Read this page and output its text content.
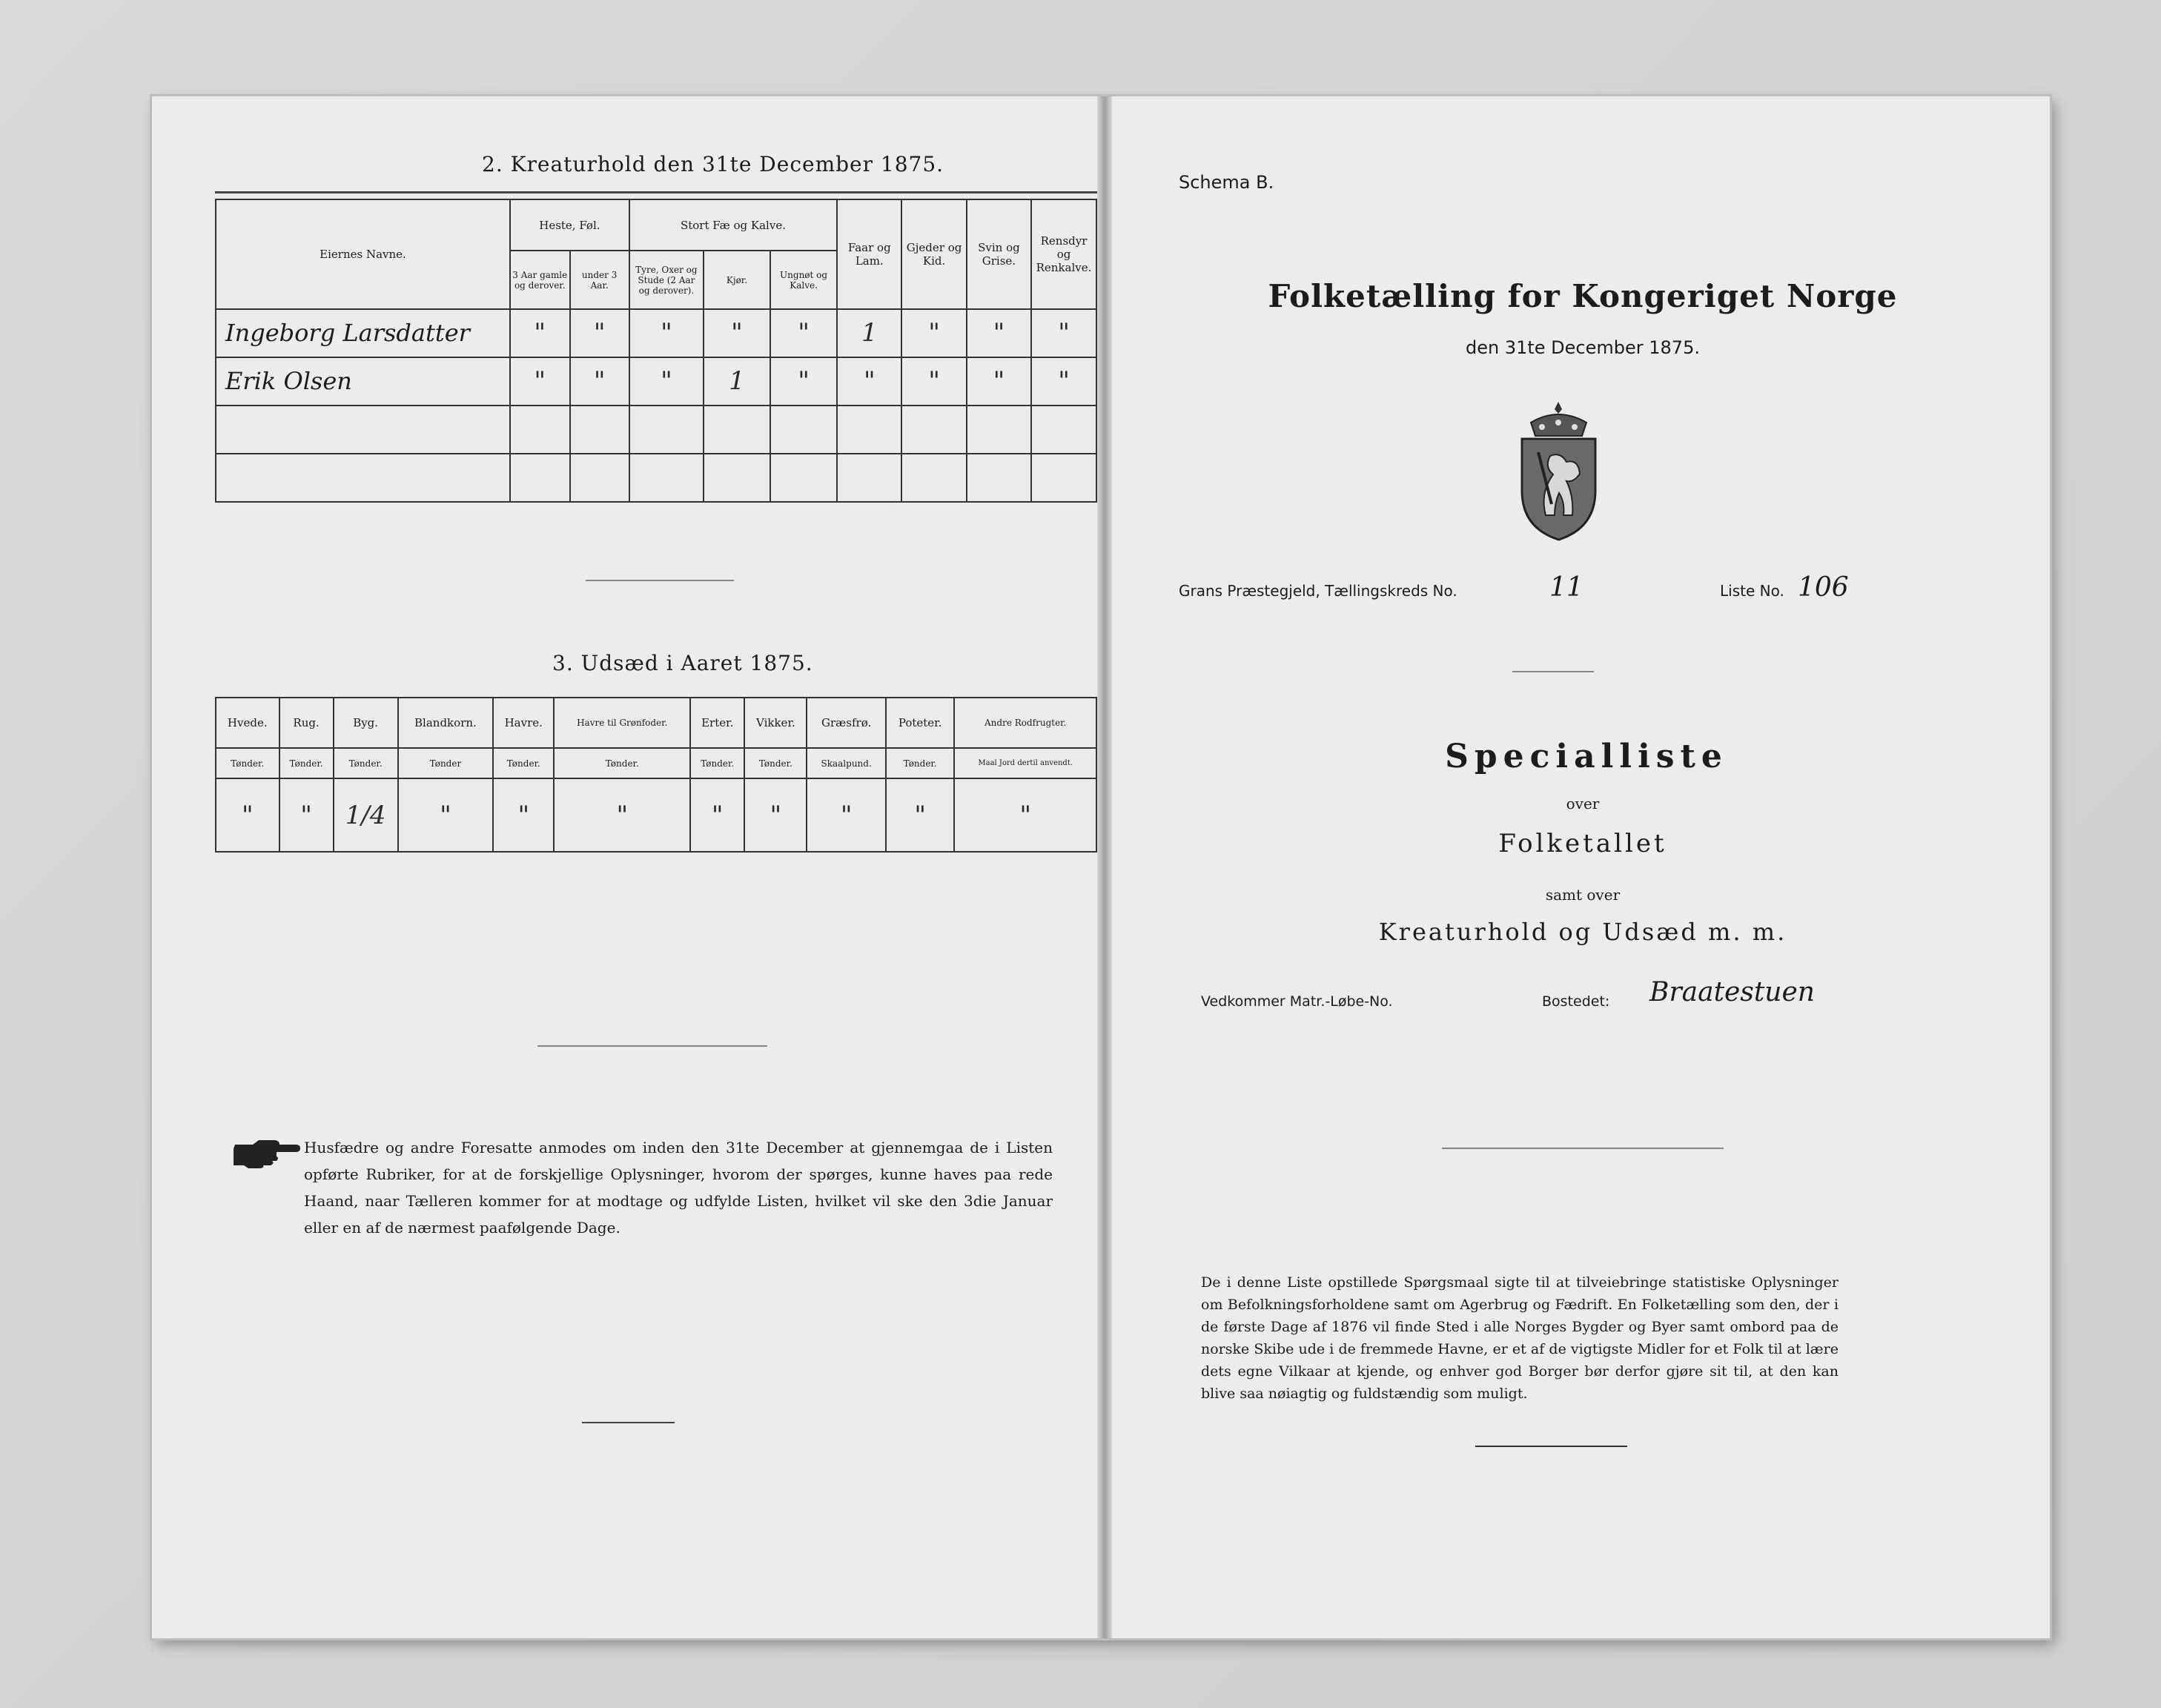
2. Kreaturhold den 31te December 1875.
Eiernes Navne.	Heste, Føl.		Stort Fæ og Kalve.			Faar og Lam.	Gjeder og Kid.	Svin og Grise.	Rensdyr og Renkalve.
	3 Aar gamle og derover.	under 3 Aar.	Tyre, Oxer og Stude (2 Aar og derover).	Kjør.	Ungnøt og Kalve.				
Ingeborg Larsdatter	"	"	"	"	"	1	"	"	"
Erik Olsen	"	"	"	1	"	"	"	"	"

3. Udsæd i Aaret 1875.
Hvede.	Rug.	Byg.	Blandkorn.	Havre.	Havre til Grønfoder.	Erter.	Vikker.	Græsfrø.	Poteter.	Andre Rodfrugter.
Tønder.	Tønder.	Tønder.	Tønder	Tønder.	Tønder.	Tønder.	Tønder.	Skaalpund.	Tønder.	Maal Jord dertil anvendt.
"	"	1/4	"	"	"	"	"	"	"	"
Husfædre og andre Foresatte anmodes om inden den 31te December at gjennemgaa de i Listen opførte Rubriker, for at de forskjellige Oplysninger, hvorom der spørges, kunne haves paa rede Haand, naar Tælleren kommer for at modtage og udfylde Listen, hvilket vil ske den 3die Januar eller en af de nærmest paafølgende Dage.
Schema B.
Folketælling for Kongeriget Norge
den 31te December 1875.
Grans Præstegjeld, Tællingskreds No.	11	Liste No. 106
Specialliste
over
Folketallet
samt over
Kreaturhold og Udsæd m. m.
Vedkommer Matr.-Løbe-No.	Bostedet: Braatestuen
De i denne Liste opstillede Spørgsmaal sigte til at tilveiebringe statistiske Oplysninger om Befolkningsforholdene samt om Agerbrug og Fædrift. En Folketælling som den, der i de første Dage af 1876 vil finde Sted i alle Norges Bygder og Byer samt ombord paa de norske Skibe ude i de fremmede Havne, er et af de vigtigste Midler for et Folk til at lære dets egne Vilkaar at kjende, og enhver god Borger bør derfor gjøre sit til, at den kan blive saa nøiagtig og fuldstændig som muligt.
